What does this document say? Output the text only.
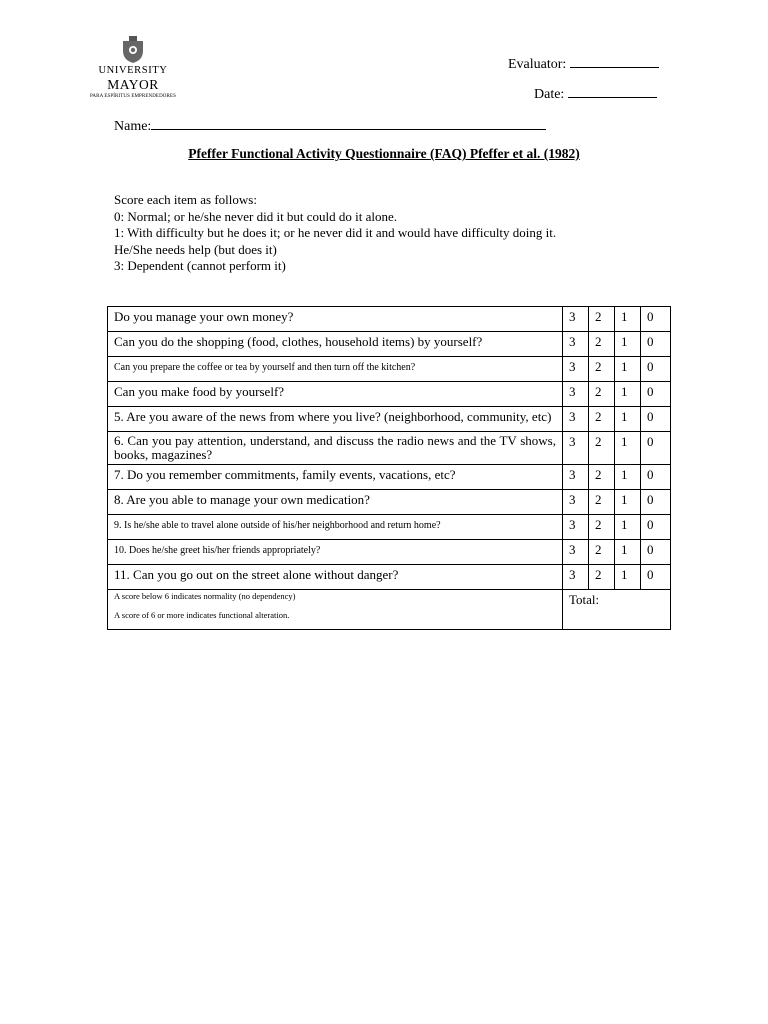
UNIVERSITY
MAYOR
PARA ESPÍRITUS EMPRENDEDORES
Evaluator:
Date:
Name:
Pfeffer Functional Activity Questionnaire (FAQ) Pfeffer et al. (1982)
Score each item as follows:
0: Normal; or he/she never did it but could do it alone.
1: With difficulty but he does it; or he never did it and would have difficulty doing it.
He/She needs help (but does it)
3: Dependent (cannot perform it)
Do you manage your own money?	3	2	1	0
Can you do the shopping (food, clothes, household items) by yourself?	3	2	1	0
Can you prepare the coffee or tea by yourself and then turn off the kitchen?	3	2	1	0
Can you make food by yourself?	3	2	1	0
5. Are you aware of the news from where you live? (neighborhood, community, etc)	3	2	1	0
6. Can you pay attention, understand, and discuss the radio news and the TV shows, books, magazines?	3	2	1	0
7. Do you remember commitments, family events, vacations, etc?	3	2	1	0
8. Are you able to manage your own medication?	3	2	1	0
9. Is he/she able to travel alone outside of his/her neighborhood and return home?	3	2	1	0
10. Does he/she greet his/her friends appropriately?	3	2	1	0
11. Can you go out on the street alone without danger?	3	2	1	0

A score below 6 indicates normality (no dependency)
A score of 6 or more indicates functional alteration.	Total:			
